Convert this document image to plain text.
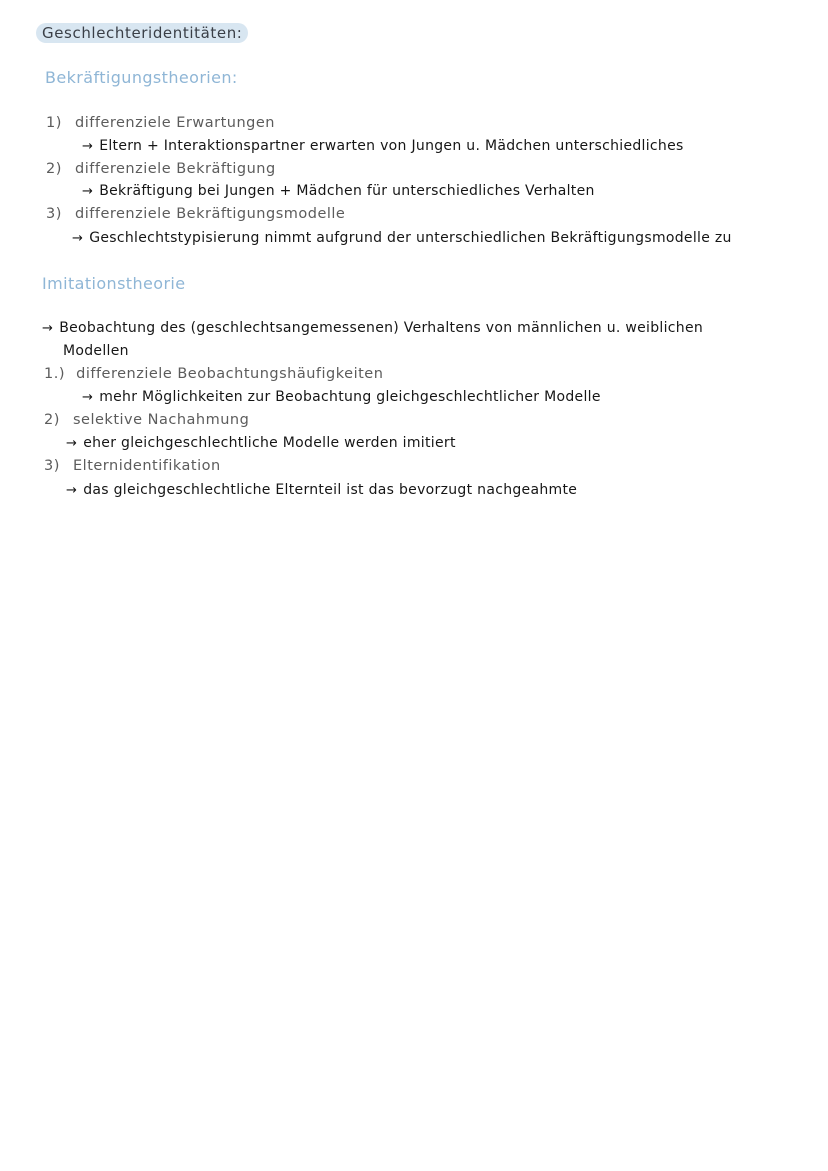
Geschlechteridentitäten:
Bekräftigungstheorien:
1) differenziele Erwartungen
→ Eltern + Interaktionspartner erwarten von Jungen u. Mädchen unterschiedliches
2) differenziele Bekräftigung
→ Bekräftigung bei Jungen + Mädchen für unterschiedliches Verhalten
3) differenziele Bekräftigungsmodelle
→ Geschlechtstypisierung nimmt aufgrund der unterschiedlichen Bekräftigungsmodelle zu
Imitationstheorie
→ Beobachtung des (geschlechtsangemessenen) Verhaltens von männlichen u. weiblichen
Modellen
1.) differenziele Beobachtungshäufigkeiten
→ mehr Möglichkeiten zur Beobachtung gleichgeschlechtlicher Modelle
2) selektive Nachahmung
→ eher gleichgeschlechtliche Modelle werden imitiert
3) Elternidentifikation
→ das gleichgeschlechtliche Elternteil ist das bevorzugt nachgeahmte
